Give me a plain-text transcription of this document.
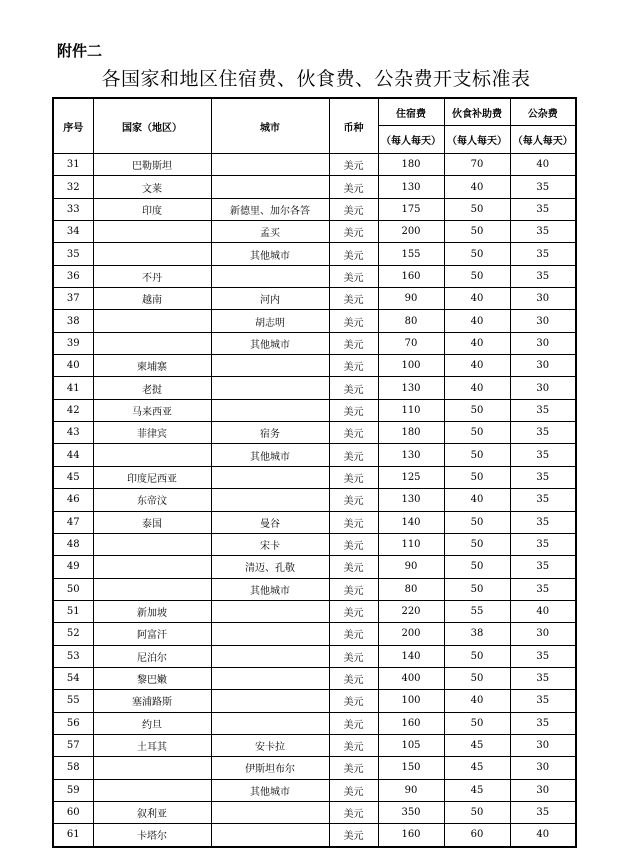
附件二
各国家和地区住宿费、伙食费、公杂费开支标准表
序号	国家（地区）	城市	币种	住宿费	伙食补助费	公杂费
				（每人每天）	（每人每天）	（每人每天）
31	巴勒斯坦		美元	180	70	40
32	文莱		美元	130	40	35
33	印度	新德里、加尔各答	美元	175	50	35
34		孟买	美元	200	50	35
35		其他城市	美元	155	50	35
36	不丹		美元	160	50	35
37	越南	河内	美元	90	40	30
38		胡志明	美元	80	40	30
39		其他城市	美元	70	40	30
40	柬埔寨		美元	100	40	30
41	老挝		美元	130	40	30
42	马来西亚		美元	110	50	35
43	菲律宾	宿务	美元	180	50	35
44		其他城市	美元	130	50	35
45	印度尼西亚		美元	125	50	35
46	东帝汶		美元	130	40	35
47	泰国	曼谷	美元	140	50	35
48		宋卡	美元	110	50	35
49		清迈、孔敬	美元	90	50	35
50		其他城市	美元	80	50	35
51	新加坡		美元	220	55	40
52	阿富汗		美元	200	38	30
53	尼泊尔		美元	140	50	35
54	黎巴嫩		美元	400	50	35
55	塞浦路斯		美元	100	40	35
56	约旦		美元	160	50	35
57	土耳其	安卡拉	美元	105	45	30
58		伊斯坦布尔	美元	150	45	30
59		其他城市	美元	90	45	30
60	叙利亚		美元	350	50	35
61	卡塔尔		美元	160	60	40
